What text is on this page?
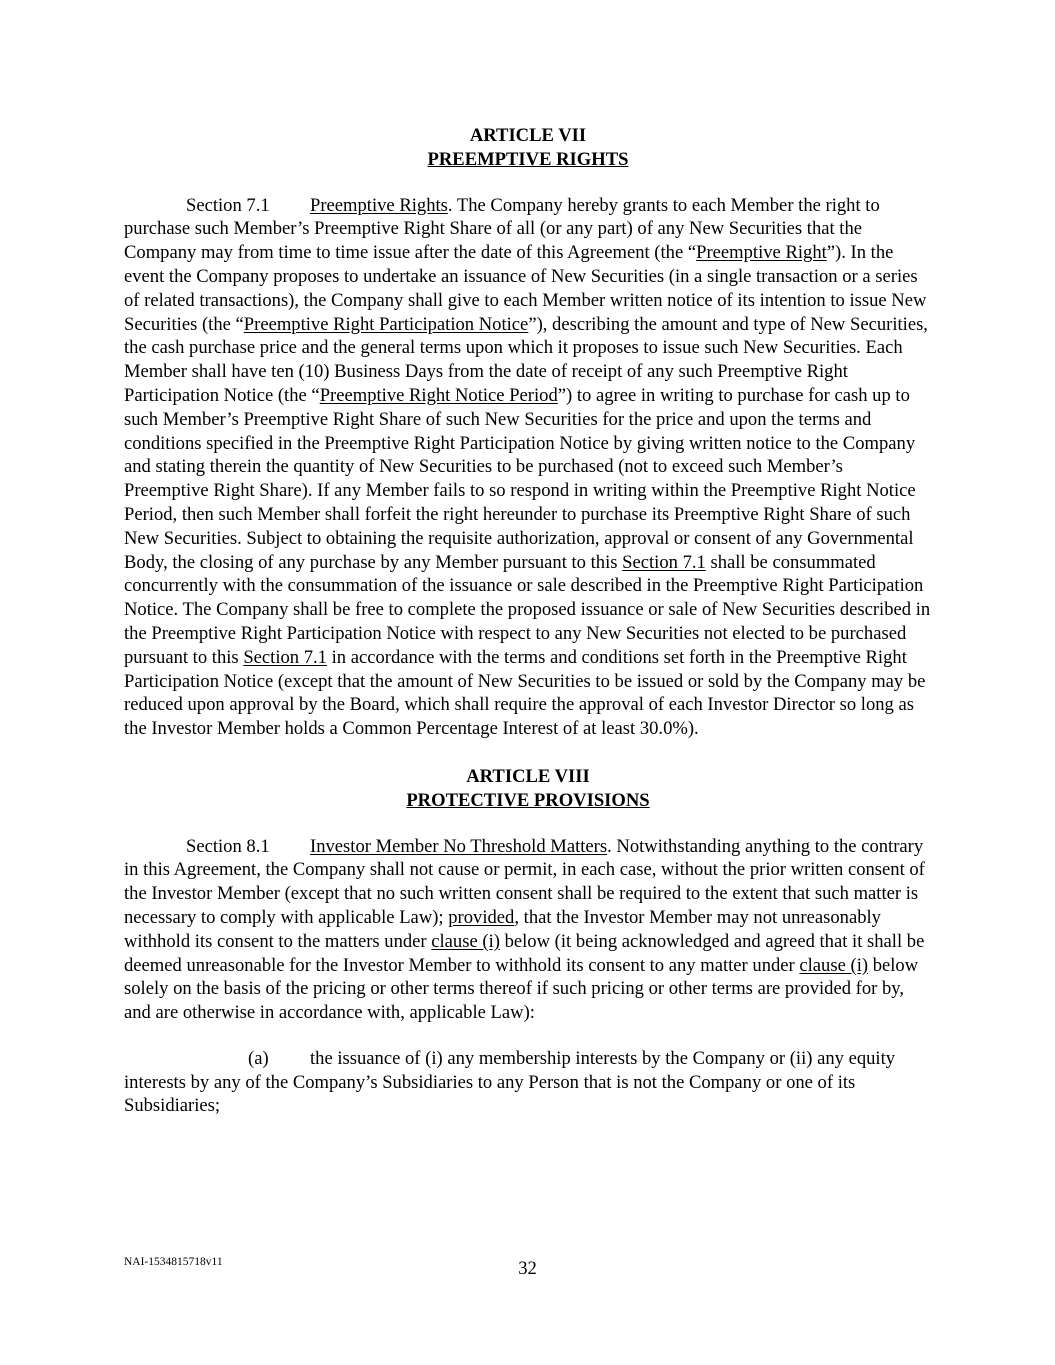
ARTICLE VII
PREEMPTIVE RIGHTS

Section 7.1 Preemptive Rights. The Company hereby grants to each Member the right to purchase such Member’s Preemptive Right Share of all (or any part) of any New Securities that the Company may from time to time issue after the date of this Agreement (the “Preemptive Right”). In the event the Company proposes to undertake an issuance of New Securities (in a single transaction or a series of related transactions), the Company shall give to each Member written notice of its intention to issue New Securities (the “Preemptive Right Participation Notice”), describing the amount and type of New Securities, the cash purchase price and the general terms upon which it proposes to issue such New Securities. Each Member shall have ten (10) Business Days from the date of receipt of any such Preemptive Right Participation Notice (the “Preemptive Right Notice Period”) to agree in writing to purchase for cash up to such Member’s Preemptive Right Share of such New Securities for the price and upon the terms and conditions specified in the Preemptive Right Participation Notice by giving written notice to the Company and stating therein the quantity of New Securities to be purchased (not to exceed such Member’s Preemptive Right Share). If any Member fails to so respond in writing within the Preemptive Right Notice Period, then such Member shall forfeit the right hereunder to purchase its Preemptive Right Share of such New Securities. Subject to obtaining the requisite authorization, approval or consent of any Governmental Body, the closing of any purchase by any Member pursuant to this Section 7.1 shall be consummated concurrently with the consummation of the issuance or sale described in the Preemptive Right Participation Notice. The Company shall be free to complete the proposed issuance or sale of New Securities described in the Preemptive Right Participation Notice with respect to any New Securities not elected to be purchased pursuant to this Section 7.1 in accordance with the terms and conditions set forth in the Preemptive Right Participation Notice (except that the amount of New Securities to be issued or sold by the Company may be reduced upon approval by the Board, which shall require the approval of each Investor Director so long as the Investor Member holds a Common Percentage Interest of at least 30.0%).

ARTICLE VIII
PROTECTIVE PROVISIONS

Section 8.1 Investor Member No Threshold Matters. Notwithstanding anything to the contrary in this Agreement, the Company shall not cause or permit, in each case, without the prior written consent of the Investor Member (except that no such written consent shall be required to the extent that such matter is necessary to comply with applicable Law); provided, that the Investor Member may not unreasonably withhold its consent to the matters under clause (i) below (it being acknowledged and agreed that it shall be deemed unreasonable for the Investor Member to withhold its consent to any matter under clause (i) below solely on the basis of the pricing or other terms thereof if such pricing or other terms are provided for by, and are otherwise in accordance with, applicable Law):

(a) the issuance of (i) any membership interests by the Company or (ii) any equity interests by any of the Company’s Subsidiaries to any Person that is not the Company or one of its Subsidiaries;

NAI-1534815718v11	32
